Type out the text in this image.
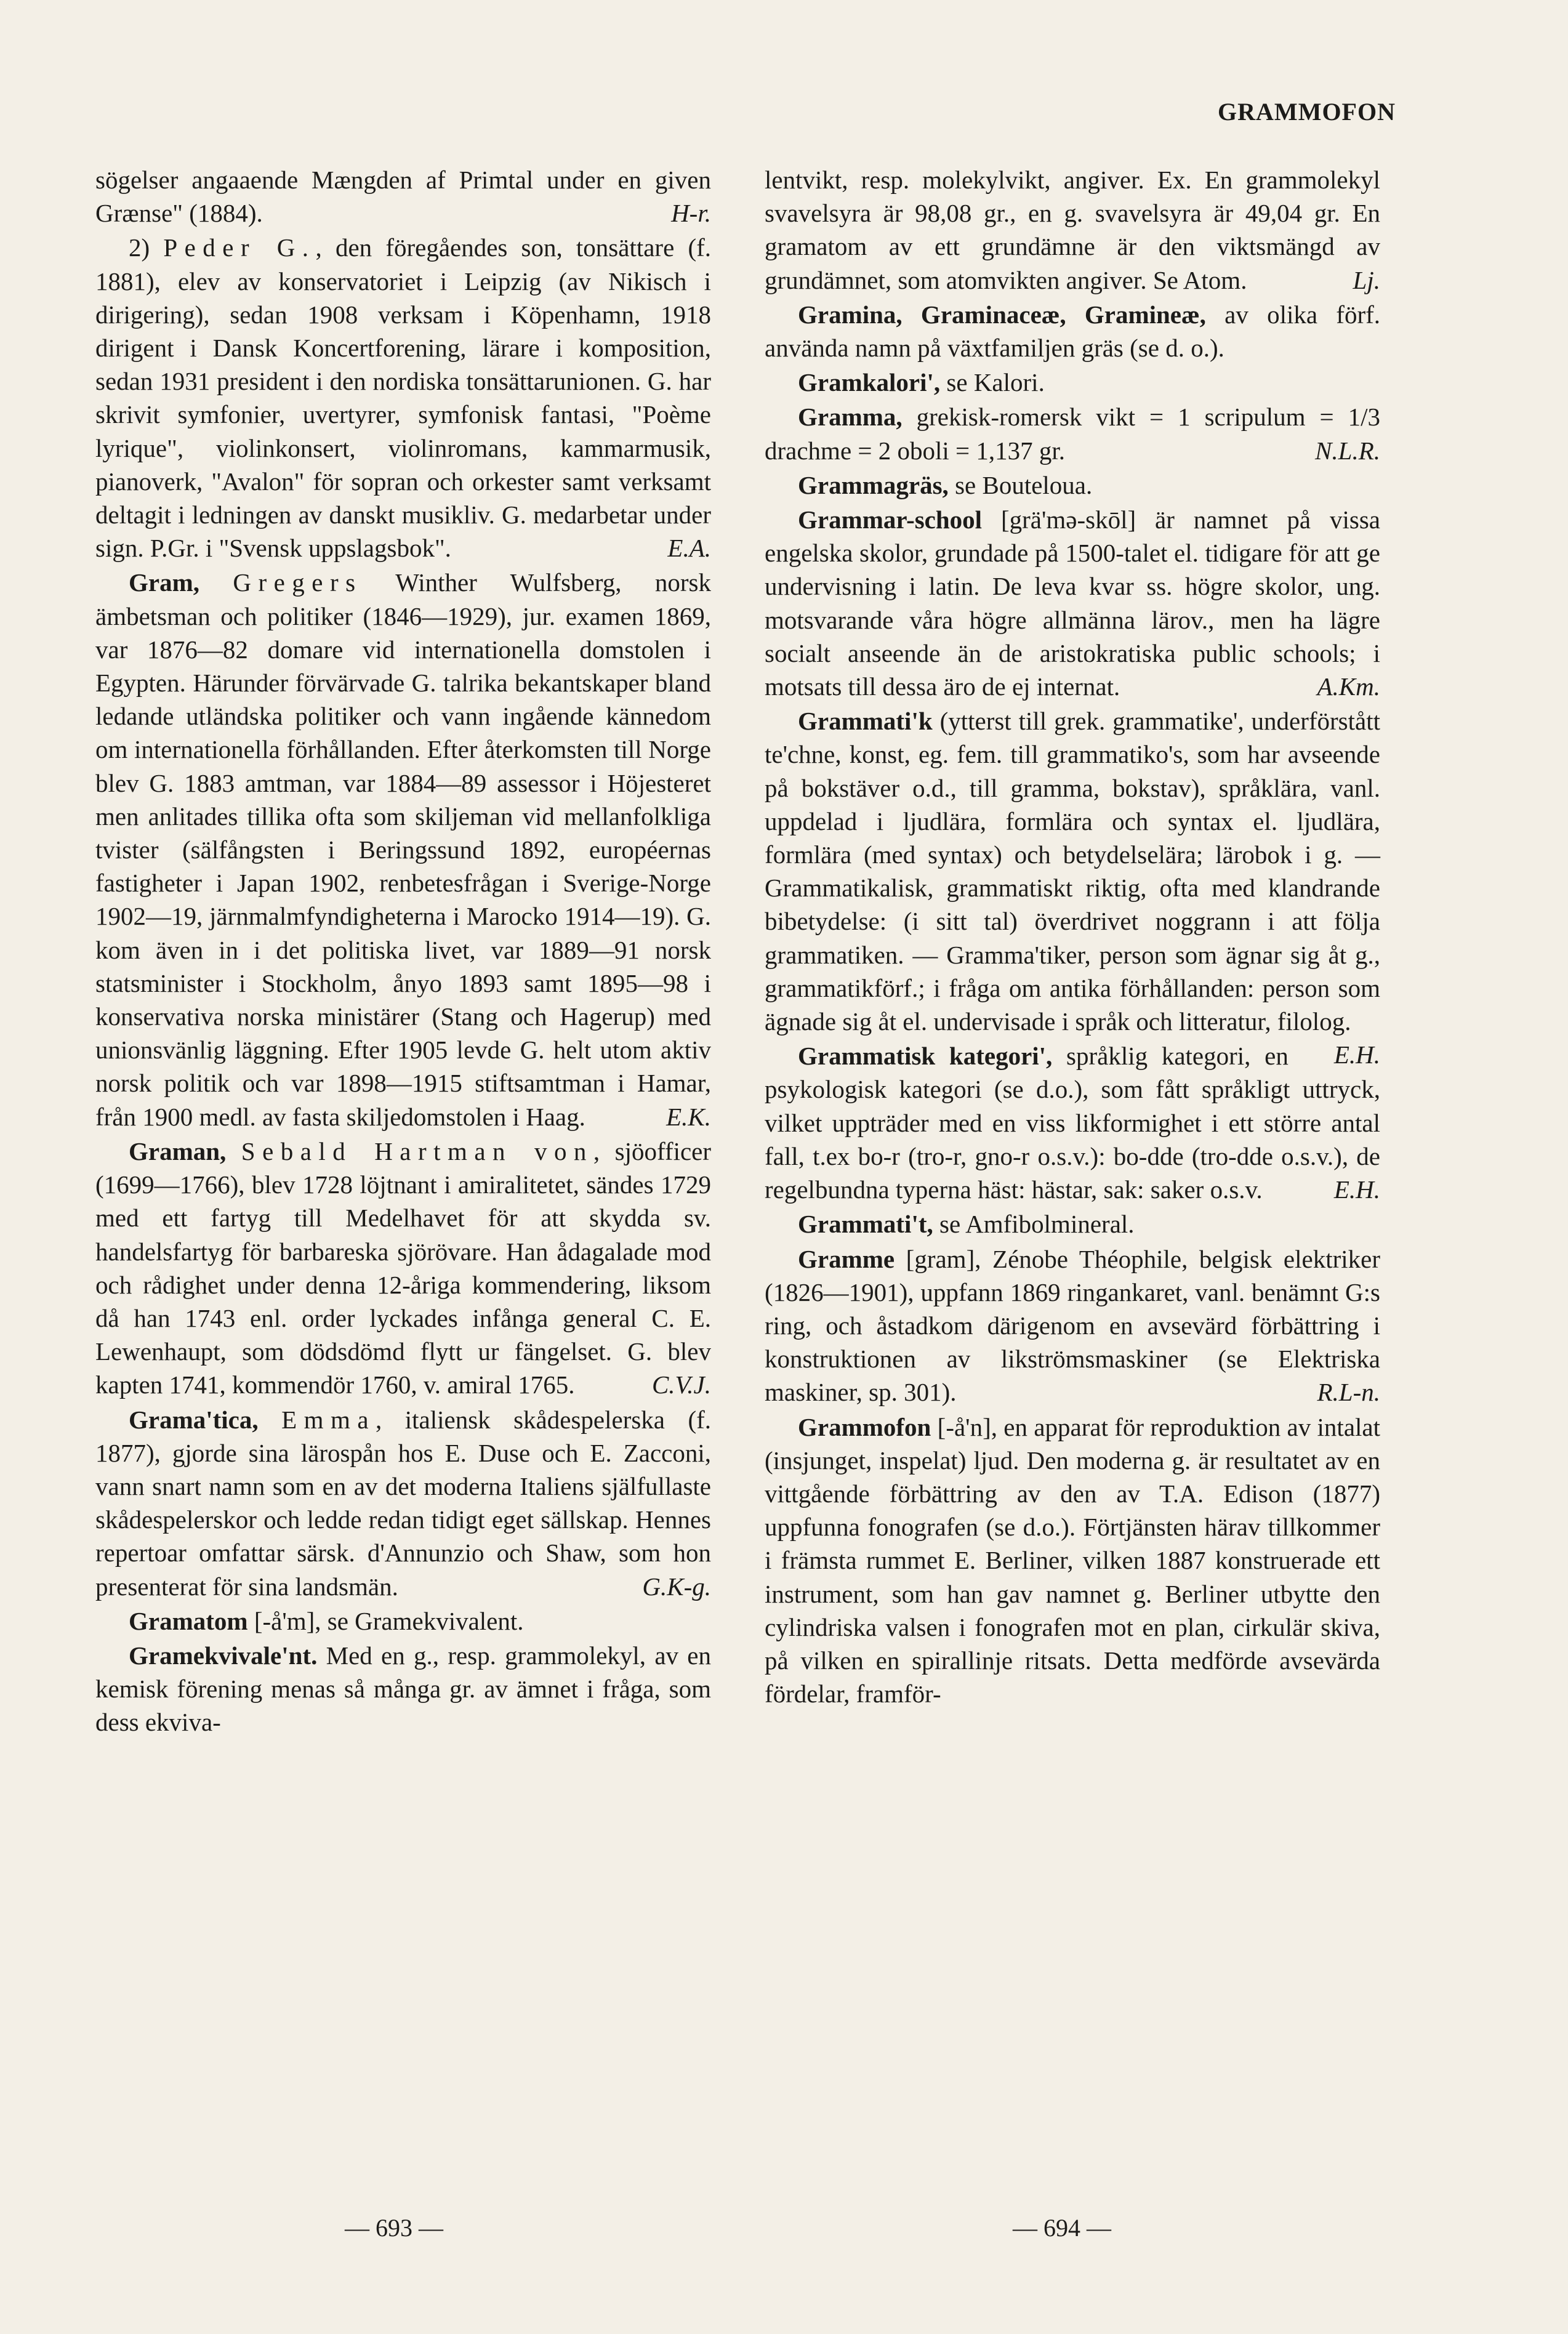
GRAMMOFON

sögelser angaaende Mængden af Primtal under en given Grænse" (1884).	H-r.

2) Peder G., den föregåendes son, tonsättare (f. 1881), elev av konservatoriet i Leipzig (av Nikisch i dirigering), sedan 1908 verksam i Köpenhamn, 1918 dirigent i Dansk Koncertforening, lärare i komposition, sedan 1931 president i den nordiska tonsättarunionen. G. har skrivit symfonier, uvertyrer, symfonisk fantasi, "Poème lyrique", violinkonsert, violinromans, kammarmusik, pianoverk, "Avalon" för sopran och orkester samt verksamt deltagit i ledningen av danskt musikliv. G. medarbetar under sign. P.Gr. i "Svensk uppslagsbok".	E.A.

Gram, Gregers Winther Wulfsberg, norsk ämbetsman och politiker (1846—1929), jur. examen 1869, var 1876—82 domare vid internationella domstolen i Egypten. Härunder förvärvade G. talrika bekantskaper bland ledande utländska politiker och vann ingående kännedom om internationella förhållanden. Efter återkomsten till Norge blev G. 1883 amtman, var 1884—89 assessor i Höjesteret men anlitades tillika ofta som skiljeman vid mellanfolkliga tvister (sälfångsten i Beringssund 1892, européernas fastigheter i Japan 1902, renbetesfrågan i Sverige-Norge 1902—19, järnmalmfyndigheterna i Marocko 1914—19). G. kom även in i det politiska livet, var 1889—91 norsk statsminister i Stockholm, ånyo 1893 samt 1895—98 i konservativa norska ministärer (Stang och Hagerup) med unionsvänlig läggning. Efter 1905 levde G. helt utom aktiv norsk politik och var 1898—1915 stiftsamtman i Hamar, från 1900 medl. av fasta skiljedomstolen i Haag.	E.K.

Graman, Sebald Hartman von, sjöofficer (1699—1766), blev 1728 löjtnant i amiralitetet, sändes 1729 med ett fartyg till Medelhavet för att skydda sv. handelsfartyg för barbareska sjörövare. Han ådagalade mod och rådighet under denna 12-åriga kommendering, liksom då han 1743 enl. order lyckades infånga general C. E. Lewenhaupt, som dödsdömd flytt ur fängelset. G. blev kapten 1741, kommendör 1760, v. amiral 1765.	C.V.J.

Grama'tica, Emma, italiensk skådespelerska (f. 1877), gjorde sina lärospån hos E. Duse och E. Zacconi, vann snart namn som en av det moderna Italiens själfullaste skådespelerskor och ledde redan tidigt eget sällskap. Hennes repertoar omfattar särsk. d'Annunzio och Shaw, som hon presenterat för sina landsmän.	G.K-g.

Gramatom [-å'm], se Gramekvivalent.

Gramekvivale'nt. Med en g., resp. grammolekyl, av en kemisk förening menas så många gr. av ämnet i fråga, som dess ekviva-

lentvikt, resp. molekylvikt, angiver. Ex. En grammolekyl svavelsyra är 98,08 gr., en g. svavelsyra är 49,04 gr. En gramatom av ett grundämne är den viktsmängd av grundämnet, som atomvikten angiver. Se Atom.	Lj.

Gramina, Graminaceæ, Gramineæ, av olika förf. använda namn på växtfamiljen gräs (se d. o.).

Gramkalori', se Kalori.

Gramma, grekisk-romersk vikt = 1 scripulum = 1/3 drachme = 2 oboli = 1,137 gr.	N.L.R.

Grammagräs, se Bouteloua.

Grammar-school [grä'mə-skōl] är namnet på vissa engelska skolor, grundade på 1500-talet el. tidigare för att ge undervisning i latin. De leva kvar ss. högre skolor, ung. motsvarande våra högre allmänna lärov., men ha lägre socialt anseende än de aristokratiska public schools; i motsats till dessa äro de ej internat.	A.Km.

Grammati'k (ytterst till grek. grammatike', underförstått te'chne, konst, eg. fem. till grammatiko's, som har avseende på bokstäver o.d., till gramma, bokstav), språklära, vanl. uppdelad i ljudlära, formlära och syntax el. ljudlära, formlära (med syntax) och betydelselära; lärobok i g. — Grammatikalisk, grammatiskt riktig, ofta med klandrande bibetydelse: (i sitt tal) överdrivet noggrann i att följa grammatiken. — Gramma'tiker, person som ägnar sig åt g., grammatikförf.; i fråga om antika förhållanden: person som ägnade sig åt el. undervisade i språk och litteratur, filolog.
E.H.

Grammatisk kategori', språklig kategori, en psykologisk kategori (se d.o.), som fått språkligt uttryck, vilket uppträder med en viss likformighet i ett större antal fall, t.ex bo-r (tro-r, gno-r o.s.v.): bo-dde (tro-dde o.s.v.), de regelbundna typerna häst: hästar, sak: saker o.s.v.	E.H.

Grammati't, se Amfibolmineral.

Gramme [gram], Zénobe Théophile, belgisk elektriker (1826—1901), uppfann 1869 ringankaret, vanl. benämnt G:s ring, och åstadkom därigenom en avsevärd förbättring i konstruktionen av likströmsmaskiner (se Elektriska maskiner, sp. 301).	R.L-n.

Grammofon [-å'n], en apparat för reproduktion av intalat (insjunget, inspelat) ljud. Den moderna g. är resultatet av en vittgående förbättring av den av T.A. Edison (1877) uppfunna fonografen (se d.o.). Förtjänsten härav tillkommer i främsta rummet E. Berliner, vilken 1887 konstruerade ett instrument, som han gav namnet g. Berliner utbytte den cylindriska valsen i fonografen mot en plan, cirkulär skiva, på vilken en spirallinje ritsats. Detta medförde avsevärda fördelar, framför-

— 693 —	— 694 —
